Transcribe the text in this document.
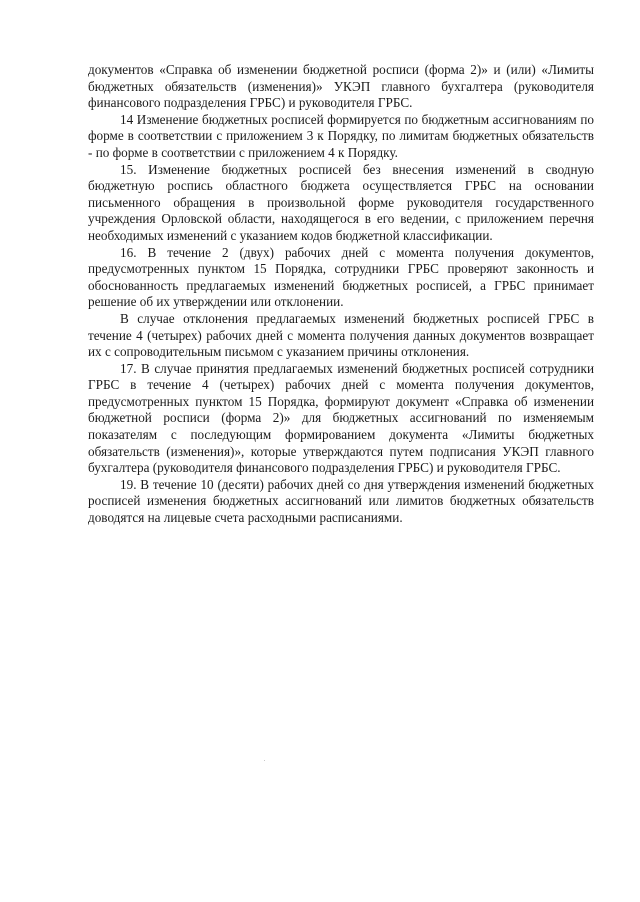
документов «Справка об изменении бюджетной росписи (форма 2)» и (или) «Лимиты бюджетных обязательств (изменения)» УКЭП главного бухгалтера (руководителя финансового подразделения ГРБС) и руководителя ГРБС.

14 Изменение бюджетных росписей формируется по бюджетным ассигнованиям по форме в соответствии с приложением 3 к Порядку, по лимитам бюджетных обязательств - по форме в соответствии с приложением 4 к Порядку.

15. Изменение бюджетных росписей без внесения изменений в сводную бюджетную роспись областного бюджета осуществляется ГРБС на основании письменного обращения в произвольной форме руководителя государственного учреждения Орловской области, находящегося в его ведении, с приложением перечня необходимых изменений с указанием кодов бюджетной классификации.

16. В течение 2 (двух) рабочих дней с момента получения документов, предусмотренных пунктом 15 Порядка, сотрудники ГРБС проверяют законность и обоснованность предлагаемых изменений бюджетных росписей, а ГРБС принимает решение об их утверждении или отклонении.

В случае отклонения предлагаемых изменений бюджетных росписей ГРБС в течение 4 (четырех) рабочих дней с момента получения данных документов возвращает их с сопроводительным письмом с указанием причины отклонения.

17. В случае принятия предлагаемых изменений бюджетных росписей сотрудники ГРБС в течение 4 (четырех) рабочих дней с момента получения документов, предусмотренных пунктом 15 Порядка, формируют документ «Справка об изменении бюджетной росписи (форма 2)» для бюджетных ассигнований по изменяемым показателям с последующим формированием документа «Лимиты бюджетных обязательств (изменения)», которые утверждаются путем подписания УКЭП главного бухгалтера (руководителя финансового подразделения ГРБС) и руководителя ГРБС.

19. В течение 10 (десяти) рабочих дней со дня утверждения изменений бюджетных росписей изменения бюджетных ассигнований или лимитов бюджетных обязательств доводятся на лицевые счета расходными расписаниями.
